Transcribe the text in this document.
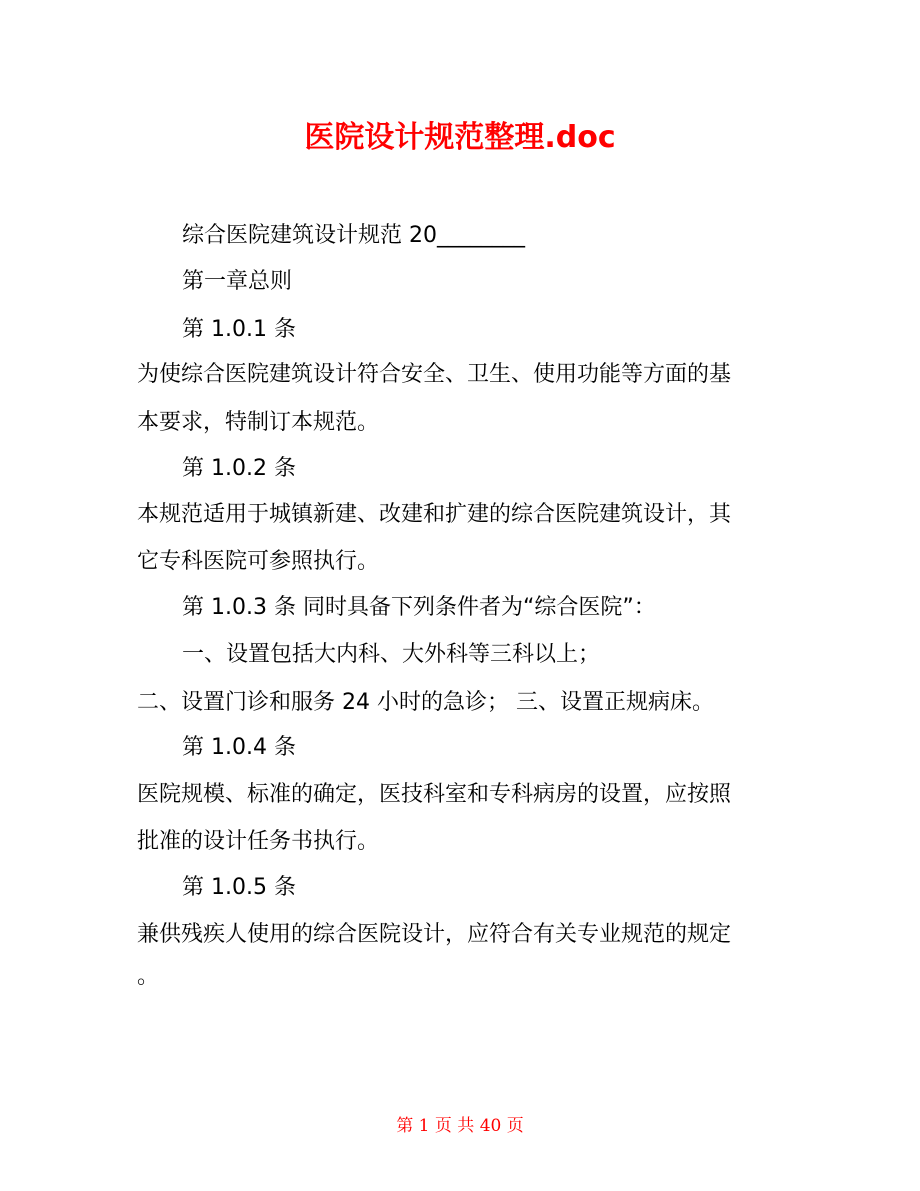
医院设计规范整理.doc
综合医院建筑设计规范 20________
第一章总则
第 1.0.1 条
为使综合医院建筑设计符合安全、卫生、使用功能等方面的基
本要求，特制订本规范。
第 1.0.2 条
本规范适用于城镇新建、改建和扩建的综合医院建筑设计，其
它专科医院可参照执行。
第 1.0.3 条 同时具备下列条件者为“综合医院”：
一、设置包括大内科、大外科等三科以上；
二、设置门诊和服务 24 小时的急诊； 三、设置正规病床。
第 1.0.4 条
医院规模、标准的确定，医技科室和专科病房的设置，应按照
批准的设计任务书执行。
第 1.0.5 条
兼供残疾人使用的综合医院设计，应符合有关专业规范的规定
。
第 1 页 共 40 页
